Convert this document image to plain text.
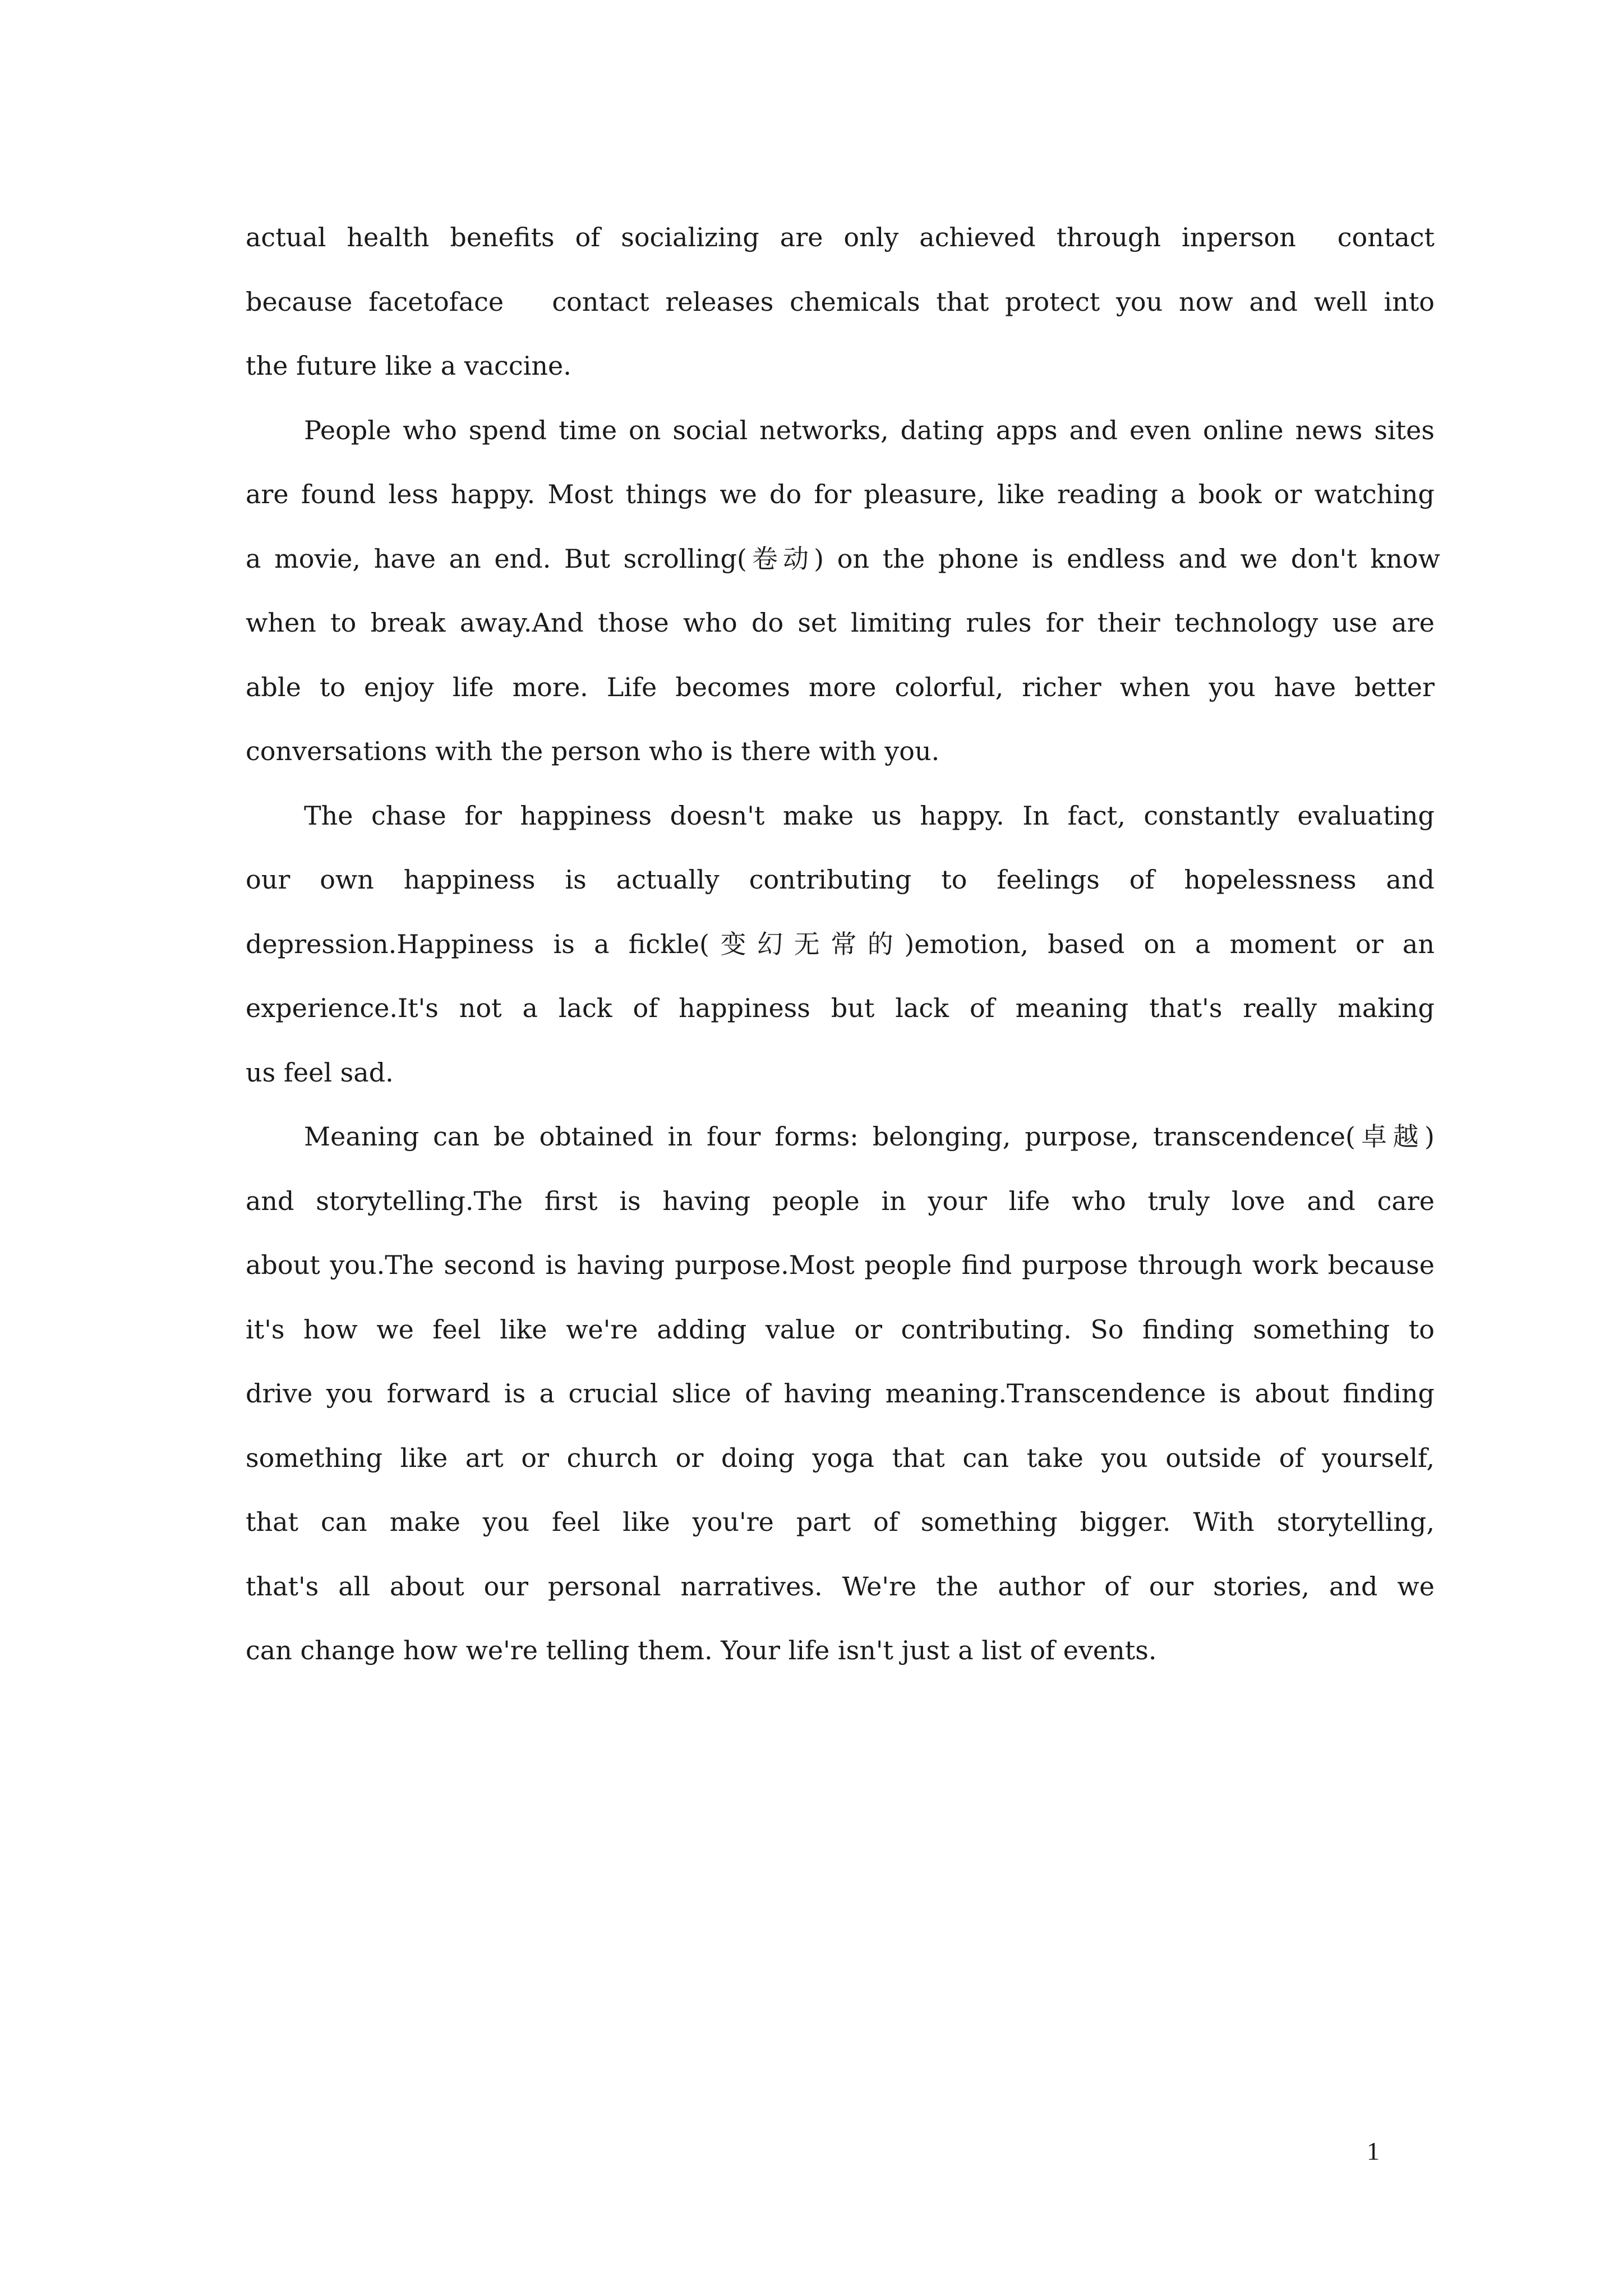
actual health benefits of socializing are only achieved through inperson  contact
because facetoface   contact releases chemicals that protect you now and well into
the future like a vaccine.
People who spend time on social networks, dating apps and even online news sites
are found less happy. Most things we do for pleasure, like reading a book or watching
a movie, have an end. But scrolling(卷动) on the phone is endless and we don't know
when to break away.And those who do set limiting rules for their technology use are
able to enjoy life more. Life becomes more colorful, richer when you have better
conversations with the person who is there with you.
The chase for happiness doesn't make us happy. In fact, constantly evaluating
our own happiness is actually contributing to feelings of hopelessness and
depression.Happiness is a fickle(变幻无常的)emotion, based on a moment or an
experience.It's not a lack of happiness but lack of meaning that's really making
us feel sad.
Meaning can be obtained in four forms: belonging, purpose, transcendence(卓越)
and storytelling.The first is having people in your life who truly love and care
about you.The second is having purpose.Most people find purpose through work because
it's how we feel like we're adding value or contributing. So finding something to
drive you forward is a crucial slice of having meaning.Transcendence is about finding
something like art or church or doing yoga that can take you outside of yourself,
that can make you feel like you're part of something bigger. With storytelling,
that's all about our personal narratives. We're the author of our stories, and we
can change how we're telling them. Your life isn't just a list of events.
1
